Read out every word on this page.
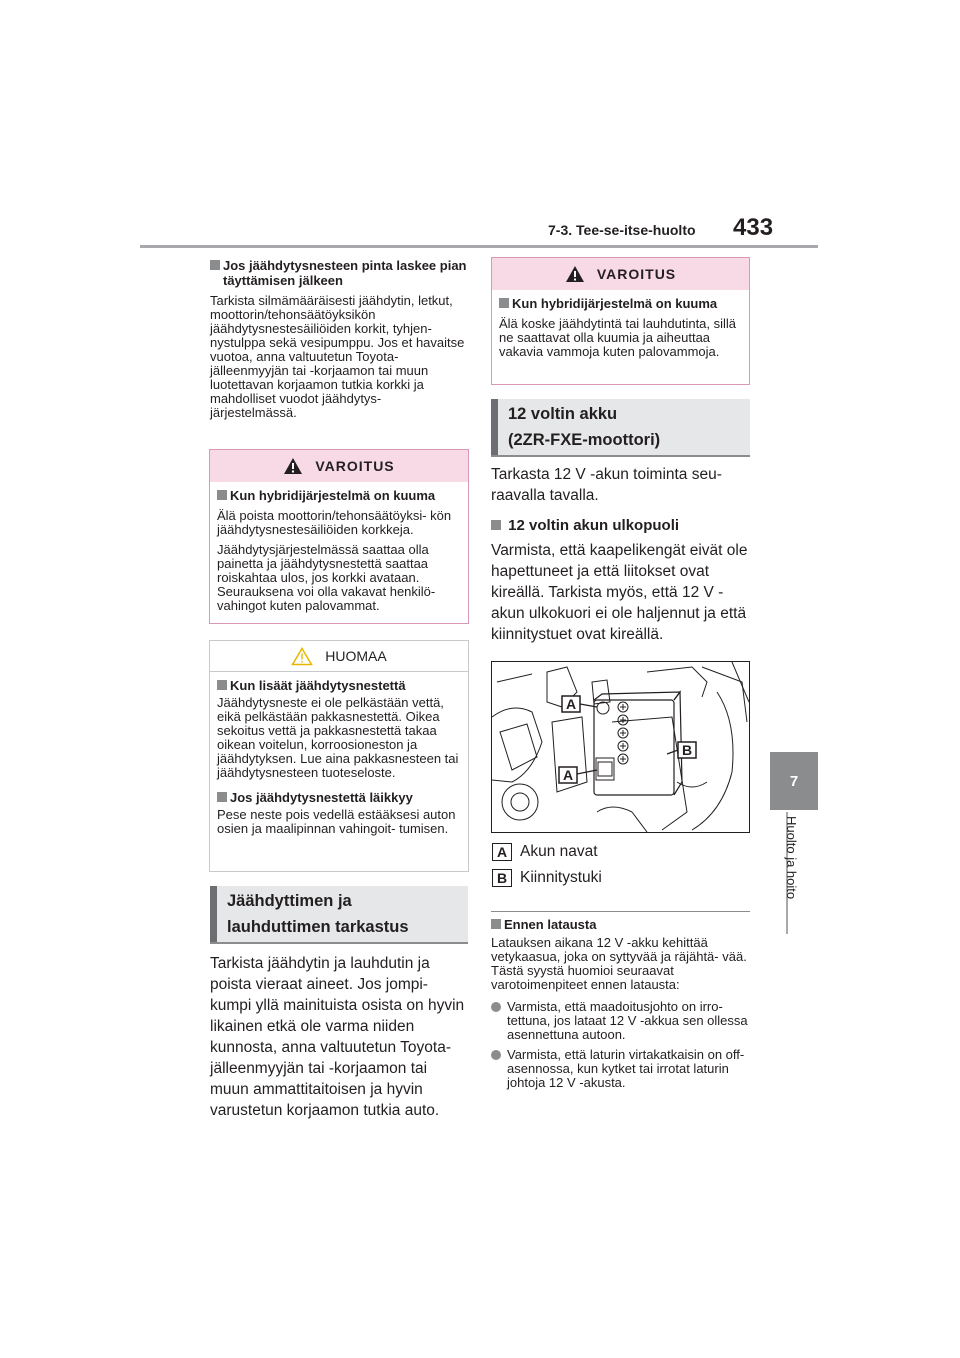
7-3. Tee-se-itse-huolto 433
7
Huolto ja hoito
Jos jäähdytysnesteen pinta laskee pian täyttämisen jälkeen
Tarkista silmämääräisesti jäähdytin, letkut, moottorin/tehonsäätöyksikön jäähdytysnestesäiliöiden korkit, tyhjen- nystulppa sekä vesipumppu. Jos et havaitse vuotoa, anna valtuutetun Toyota-jälleenmyyjän tai -korjaamon tai muun luotettavan korjaamon tutkia korkki ja mahdolliset vuodot jäähdytys- järjestelmässä.
VAROITUS
Kun hybridijärjestelmä on kuuma
Älä poista moottorin/tehonsäätöyksi- kön jäähdytysnestesäiliöiden korkkeja.
Jäähdytysjärjestelmässä saattaa olla painetta ja jäähdytysnestettä saattaa roiskahtaa ulos, jos korkki avataan. Seurauksena voi olla vakavat henkilö- vahingot kuten palovammat.
HUOMAA
Kun lisäät jäähdytysnestettä
Jäähdytysneste ei ole pelkästään vettä, eikä pelkästään pakkasnestettä. Oikea sekoitus vettä ja pakkasnestettä takaa oikean voitelun, korroosioneston ja jäähdytyksen. Lue aina pakkasnesteen tai jäähdytysnesteen tuoteseloste.
Jos jäähdytysnestettä läikkyy
Pese neste pois vedellä estääksesi auton osien ja maalipinnan vahingoit- tumisen.
Jäähdyttimen ja
lauhduttimen tarkastus
Tarkista jäähdytin ja lauhdutin ja poista vieraat aineet. Jos jompi- kumpi yllä mainituista osista on hyvin likainen etkä ole varma niiden kunnosta, anna valtuutetun Toyota-jälleenmyyjän tai -korjaamon tai muun ammattitaitoisen ja hyvin varustetun korjaamon tutkia auto.
VAROITUS
Kun hybridijärjestelmä on kuuma
Älä koske jäähdytintä tai lauhdutinta, sillä ne saattavat olla kuumia ja aiheuttaa vakavia vammoja kuten palovammoja.
12 voltin akku
(2ZR-FXE-moottori)
Tarkasta 12 V -akun toiminta seu- raavalla tavalla.
12 voltin akun ulkopuoli
Varmista, että kaapelikengät eivät ole hapettuneet ja että liitokset ovat kireällä. Tarkista myös, että 12 V -akun ulkokuori ei ole haljennut ja että kiinnitystuet ovat kireällä.
A
A
B
A Akun navat
B Kiinnitystuki
Ennen latausta
Latauksen aikana 12 V -akku kehittää vetykaasua, joka on syttyvää ja räjähtä- vää. Tästä syystä huomioi seuraavat varotoimenpiteet ennen latausta:
Varmista, että maadoitusjohto on irro- tettuna, jos lataat 12 V -akkua sen ollessa asennettuna autoon.
Varmista, että laturin virtakatkaisin on off-asennossa, kun kytket tai irrotat laturin johtoja 12 V -akusta.
